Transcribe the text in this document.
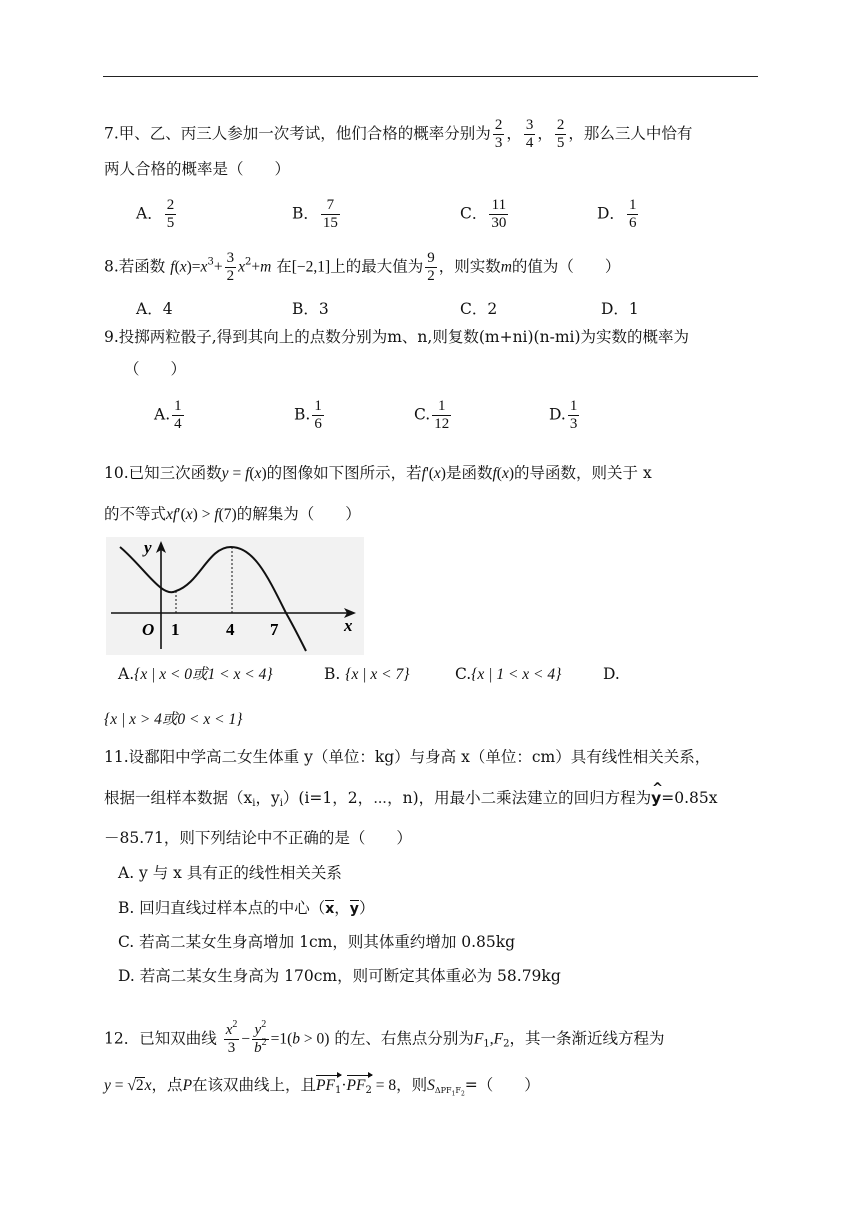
7.甲、乙、丙三人参加一次考试，他们合格的概率分别为 $\frac{2}{3}$ ， $\frac{3}{4}$ ， $\frac{2}{5}$ ，那么三人中恰有
两人合格的概率是（　　）
A． $\frac{2}{5}$	B． $\frac{7}{15}$	C． $\frac{11}{30}$	D． $\frac{1}{6}$
8.若函数 $f(x)=x^3+ \frac{3}{2} x^2+m$ 在[−2,1]上的最大值为 $\frac{9}{2}$ ，则实数m的值为（　　）
A．4	B．3	C．2	D．1
9.投掷两粒骰子,得到其向上的点数分别为m、n,则复数(m+ni)(n-mi)为实数的概率为
（　　）
A. $\frac{1}{4}$	B. $\frac{1}{6}$	C. $\frac{1}{12}$	D. $\frac{1}{3}$
10.已知三次函数y = f(x)的图像如下图所示，若f'(x)是函数f(x)的导函数，则关于 x
的不等式xf′(x) > f(7)的解集为（　　）
y
O 1	4 7	x
A.{x | x < 0或1 < x < 4}	B. {x | x < 7}	C.{x | 1 < x < 4}	D.
{x | x > 4或0 < x < 1}
11.设鄱阳中学高二女生体重 y（单位：kg）与身高 x（单位：cm）具有线性相关关系，
根据一组样本数据（$x_i$，$y_i)(i=1$，2，⋯，n)，用最小二乘法建立的回归方程为^ y=0.85x
－85.71，则下列结论中不正确的是（　　）
A. y 与 x 具有正的线性相关关系
B. 回归直线过样本点的中心（x，y）
C. 若高二某女生身高增加 1cm，则其体重约增加 0.85kg
D. 若高二某女生身高为 170cm，则可断定其体重必为 58.79kg
12．已知双曲线 $\frac{x^2}{3} - \frac{y^2}{b^2} =1(b > 0)$ 的左、右焦点分别为$F_1,F_2$，其一条渐近线方程为
y = √2x，点P在该双曲线上，且$PF_1\cdot PF_2 = 8$，则$S_{\Delta PF_1F_2}=$（　　）
